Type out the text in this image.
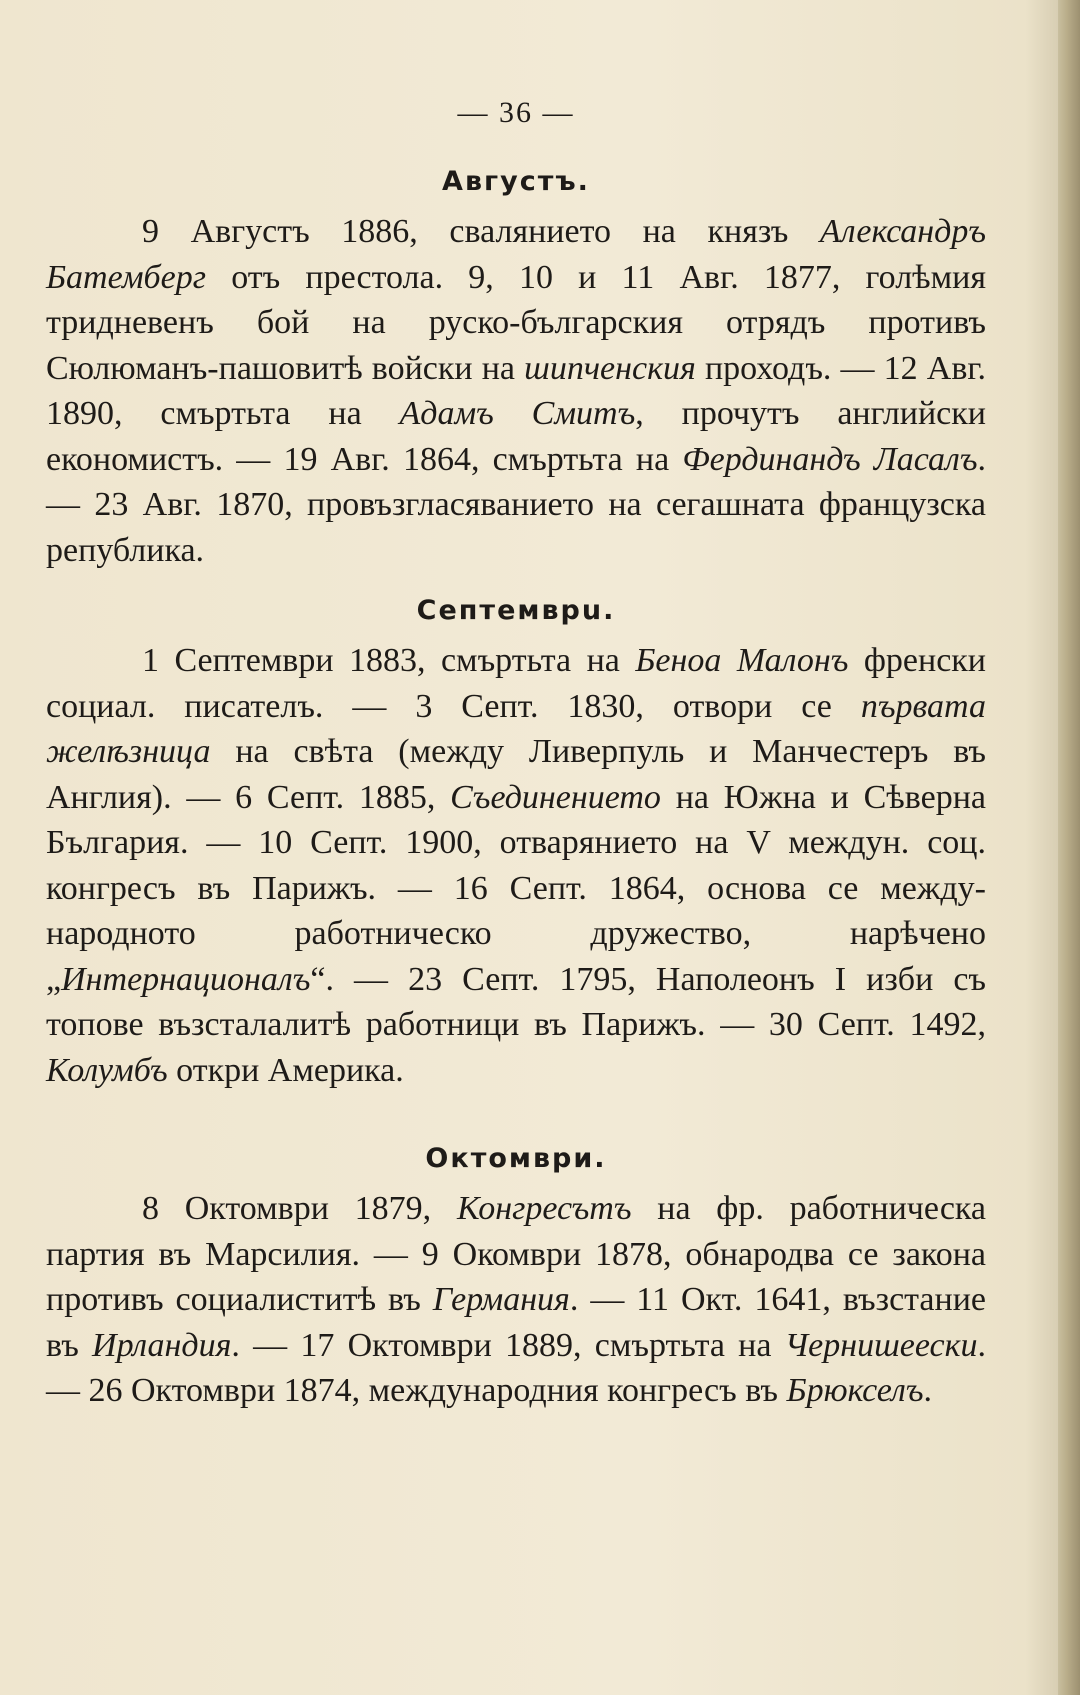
— 36 —
Августъ.

9 Августъ 1886, свалянието на князъ Александръ Батемберг отъ престола. 9, 10 и 11 Авг. 1877, голѣмия тридневенъ бой на руско-българския отрядъ противъ Сюлюманъ-пашовитѣ войски на шипченския проходъ. — 12 Авг. 1890, смъртьта на Адамъ Смитъ, прочутъ английски економистъ. — 19 Авг. 1864, смъртьта на Фердинандъ Ласалъ. — 23 Авг. 1870, провъзгласяванието на сегашната французска република.

Септемврu.

1 Септември 1883, смъртьта на Беноа Малонъ френски социал. писателъ. — 3 Септ. 1830, отвори се първата желѣзница на свѣта (между Ливерпуль и Манчестеръ въ Англия). — 6 Септ. 1885, Съединението на Южна и Сѣверна България. — 10 Септ. 1900, отварянието на V междун. соц. конгресъ въ Парижъ. — 16 Септ. 1864, основа се между-народното работническо дружество, нарѣчено „Интернационалъ“. — 23 Септ. 1795, Наполеонъ I изби съ топове възсталалитѣ работници въ Парижъ. — 30 Септ. 1492, Колумбъ откри Америка.

Октомври.

8 Октомври 1879, Конгресътъ на фр. работническа партия въ Марсилия. — 9 Окомври 1878, обнародва се закона противъ социалиститѣ въ Германия. — 11 Окт. 1641, възстание въ Ирландия. — 17 Октомври 1889, смъртьта на Чернишеески. — 26 Октомври 1874, международния конгресъ въ Брюкселъ.
